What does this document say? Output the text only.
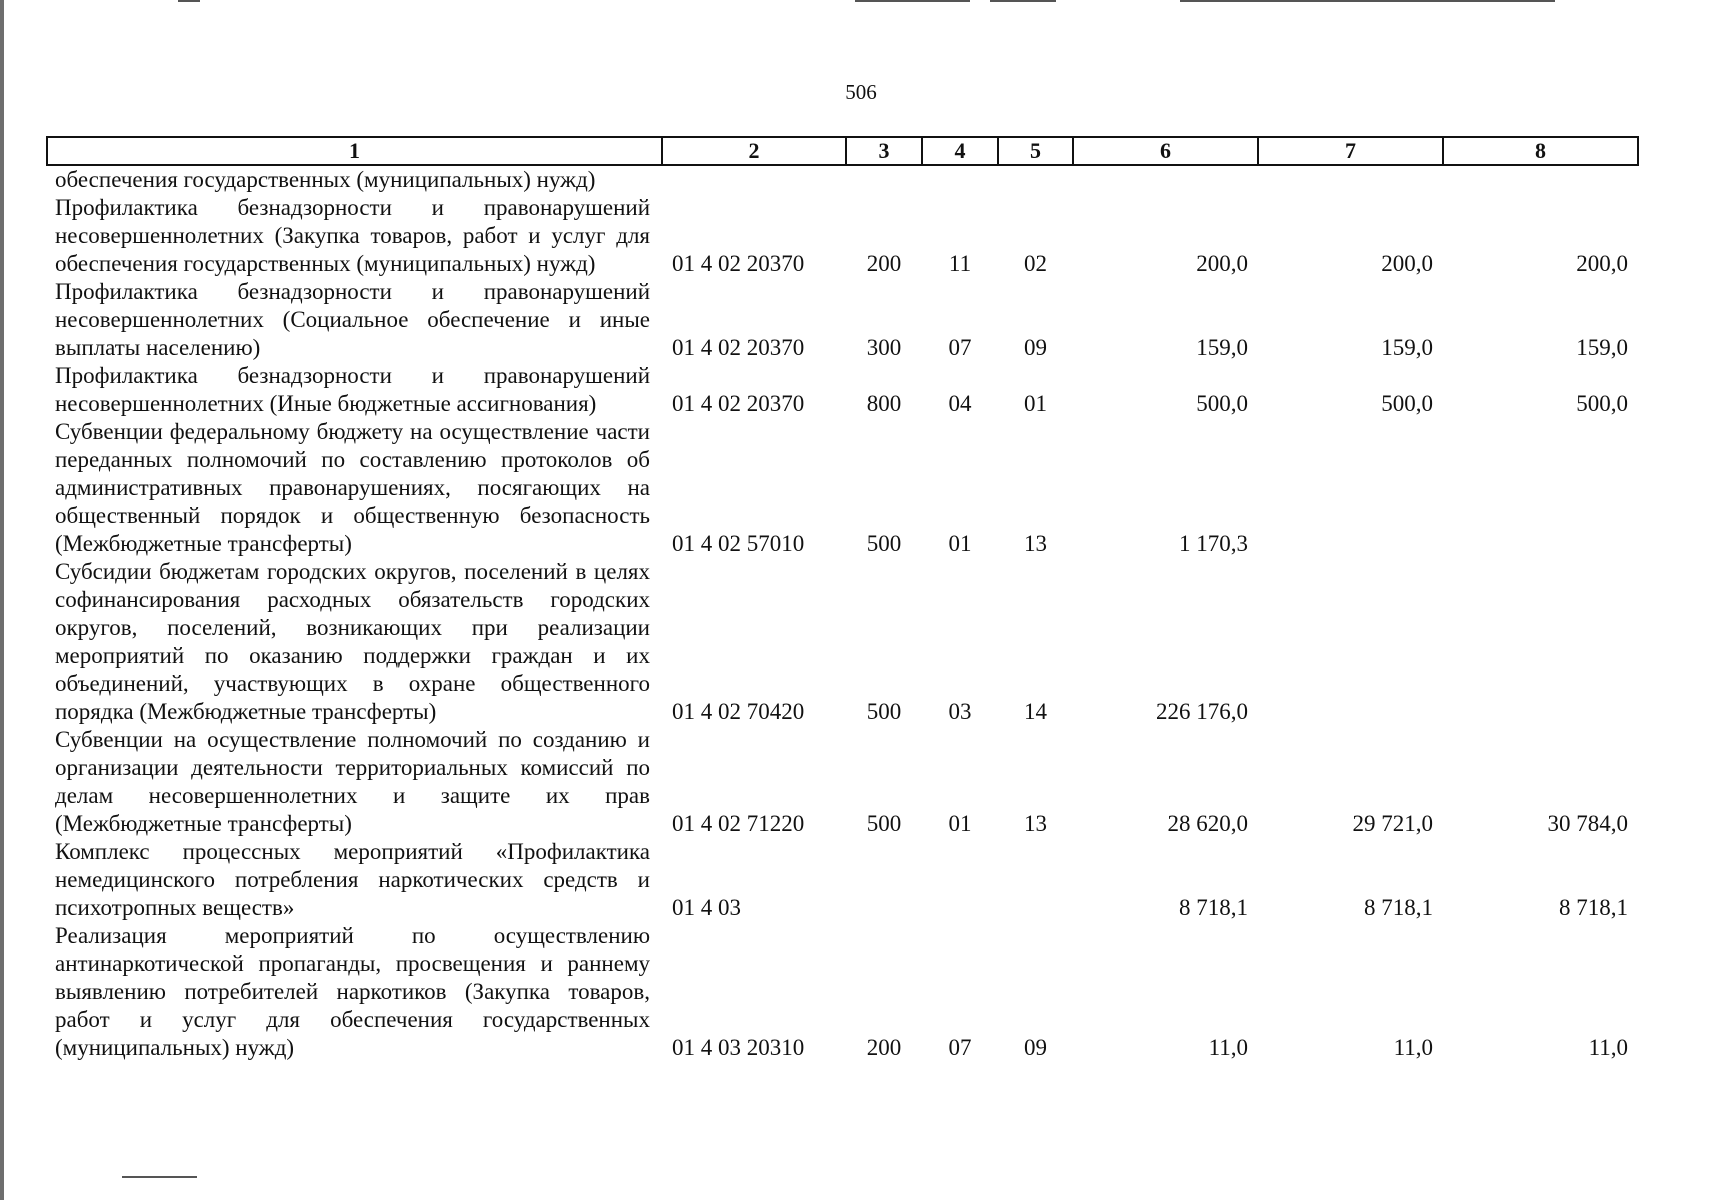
506
1	2	3	4	5	6	7	8
обеспечения государственных (муниципальных) нужд)							
Профилактика безнадзорности и правонарушений несовершеннолетних (Закупка товаров, работ и услуг для обеспечения государственных (муниципальных) нужд)	01 4 02 20370	200	11	02	200,0	200,0	200,0
Профилактика безнадзорности и правонарушений несовершеннолетних (Социальное обеспечение и иные выплаты населению)	01 4 02 20370	300	07	09	159,0	159,0	159,0
Профилактика безнадзорности и правонарушений несовершеннолетних (Иные бюджетные ассигнования)	01 4 02 20370	800	04	01	500,0	500,0	500,0
Субвенции федеральному бюджету на осуществление части переданных полномочий по составлению протоколов об административных правонарушениях, посягающих на общественный порядок и общественную безопасность (Межбюджетные трансферты)	01 4 02 57010	500	01	13	1 170,3		
Субсидии бюджетам городских округов, поселений в целях софинансирования расходных обязательств городских округов, поселений, возникающих при реализации мероприятий по оказанию поддержки граждан и их объединений, участвующих в охране общественного порядка (Межбюджетные трансферты)	01 4 02 70420	500	03	14	226 176,0		
Субвенции на осуществление полномочий по созданию и организации деятельности территориальных комиссий по делам несовершеннолетних и защите их прав (Межбюджетные трансферты)	01 4 02 71220	500	01	13	28 620,0	29 721,0	30 784,0
Комплекс процессных мероприятий «Профилактика немедицинского потребления наркотических средств и психотропных веществ»	01 4 03				8 718,1	8 718,1	8 718,1
Реализация мероприятий по осуществлению антинаркотической пропаганды, просвещения и раннему выявлению потребителей наркотиков (Закупка товаров, работ и услуг для обеспечения государственных (муниципальных) нужд)	01 4 03 20310	200	07	09	11,0	11,0	11,0
